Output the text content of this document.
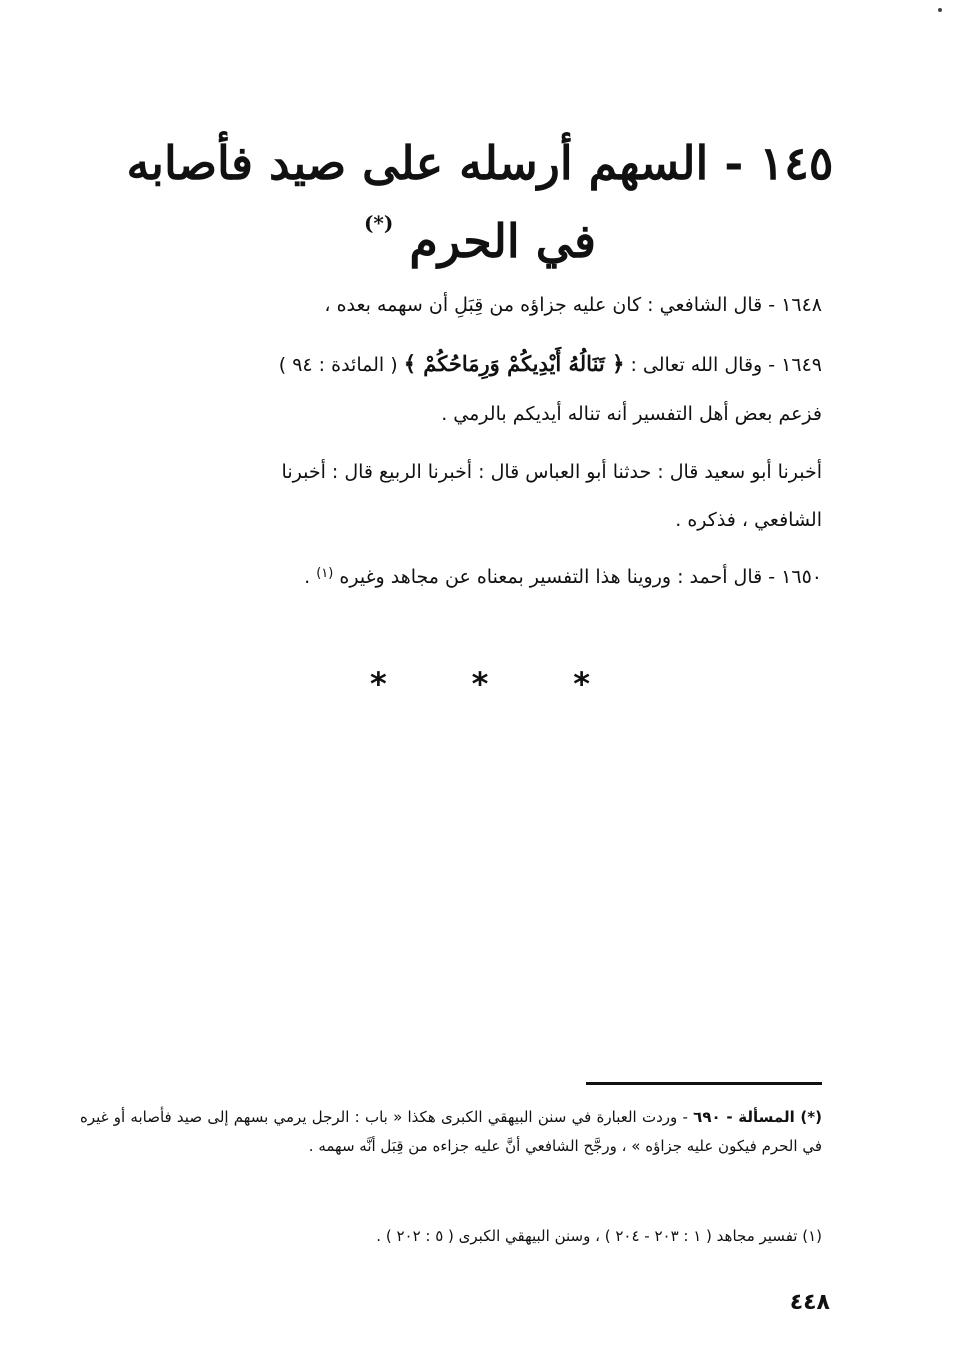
١٤٥ - السهم أرسله على صيد فأصابه
في الحرم (*)
١٦٤٨ - قال الشافعي : كان عليه جزاؤه من قِبَلِ أن سهمه بعده ،
١٦٤٩ - وقال الله تعالى : ﴿ تَنَالُهُ أَيْدِيكُمْ وَرِمَاحُكُمْ ﴾ ( المائدة : ٩٤ )
فزعم بعض أهل التفسير أنه تناله أيديكم بالرمي .
أخبرنا أبو سعيد قال : حدثنا أبو العباس قال : أخبرنا الربيع قال : أخبرنا
الشافعي ، فذكره .
١٦٥٠ - قال أحمد : وروينا هذا التفسير بمعناه عن مجاهد وغيره $^{(١)}$ .
*	*	*
(*) المسألة - ٦٩٠ - وردت العبارة في سنن البيهقي الكبرى هكذا « باب : الرجل يرمي بسهم إلى صيد فأصابه أو غيره في الحرم فيكون عليه جزاؤه » ، ورجَّح الشافعي أنَّ عليه جزاءه من قِبَل أنَّه سهمه .
(١) تفسير مجاهد ( ١ : ٢٠٣ - ٢٠٤ ) ، وسنن البيهقي الكبرى ( ٥ : ٢٠٢ ) .
٤٤٨
